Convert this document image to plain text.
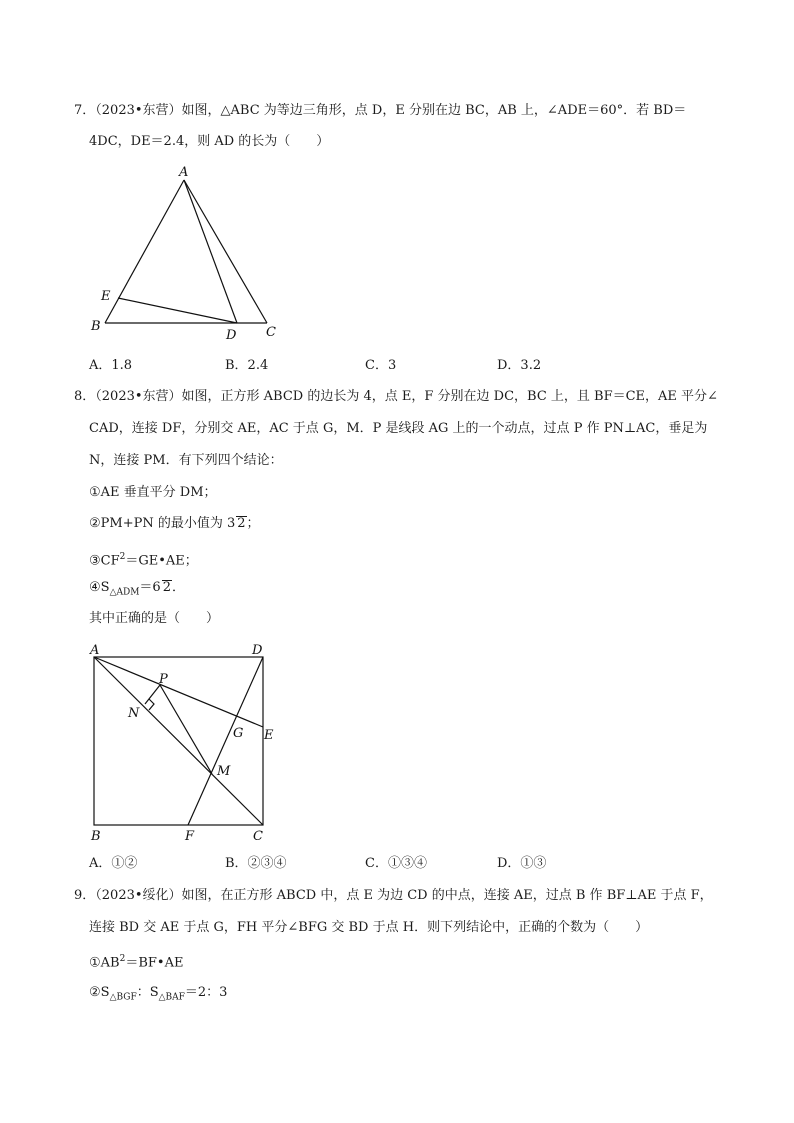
7．（2023•东营）如图，△ABC 为等边三角形，点 D，E 分别在边 BC，AB 上，∠ADE＝60°．若 BD＝
4DC，DE＝2.4，则 AD 的长为（　　）
A
B	C
D
E
A．1.8	B．2.4	C．3	D．3.2
8．（2023•东营）如图，正方形 ABCD 的边长为 4，点 E，F 分别在边 DC，BC 上，且 BF＝CE，AE 平分∠
CAD，连接 DF，分别交 AE，AC 于点 G，M．P 是线段 AG 上的一个动点，过点 P 作 PN⊥AC，垂足为
N，连接 PM．有下列四个结论：
①AE 垂直平分 DM；
②PM+PN 的最小值为 3 2；
$③CF^2=GE•AE$；
$④S_{\triangle ADM}=6$ 2．
其中正确的是（　　）
A	D
B	C
E
F
G
M
N
P
A．①②	B．②③④	C．①③④	D．①③
9．（2023•绥化）如图，在正方形 ABCD 中，点 E 为边 CD 的中点，连接 AE，过点 B 作 BF⊥AE 于点 F，
连接 BD 交 AE 于点 G，FH 平分∠BFG 交 BD 于点 H．则下列结论中，正确的个数为（　　）
$①AB^2=BF•AE$
$②S_{\triangle BGF}$：$S_{\triangle BAF}=2$：3
